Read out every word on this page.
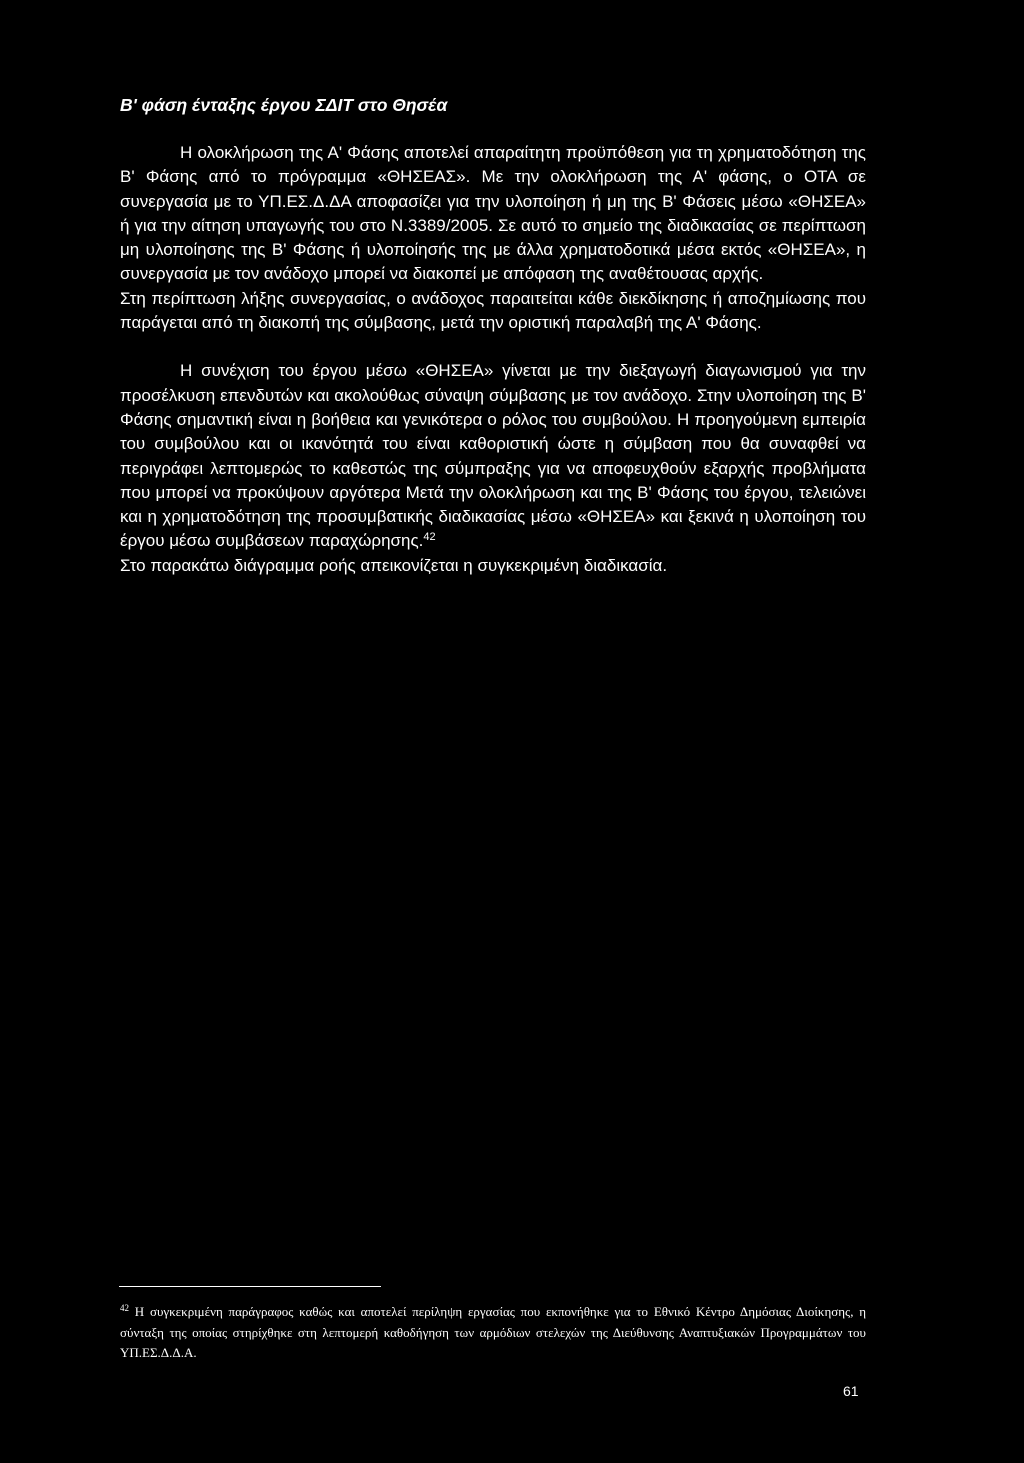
Β' φάση ένταξης έργου ΣΔΙΤ στο Θησέα

Η ολοκλήρωση της Α' Φάσης αποτελεί απαραίτητη προϋπόθεση για τη χρηματοδότηση της Β' Φάσης από το πρόγραμμα «ΘΗΣΕΑΣ». Με την ολοκλήρωση της Α' φάσης, ο ΟΤΑ σε συνεργασία με το ΥΠ.ΕΣ.Δ.ΔΑ αποφασίζει για την υλοποίηση ή μη της Β' Φάσεις μέσω «ΘΗΣΕΑ» ή για την αίτηση υπαγωγής του στο Ν.3389/2005. Σε αυτό το σημείο της διαδικασίας σε περίπτωση μη υλοποίησης της Β' Φάσης ή υλοποίησής της με άλλα χρηματοδοτικά μέσα εκτός «ΘΗΣΕΑ», η συνεργασία με τον ανάδοχο μπορεί να διακοπεί με απόφαση της αναθέτουσας αρχής.

Στη περίπτωση λήξης συνεργασίας, ο ανάδοχος παραιτείται κάθε διεκδίκησης ή αποζημίωσης που παράγεται από τη διακοπή της σύμβασης, μετά την οριστική παραλαβή της Α' Φάσης.

Η συνέχιση του έργου μέσω «ΘΗΣΕΑ» γίνεται με την διεξαγωγή διαγωνισμού για την προσέλκυση επενδυτών και ακολούθως σύναψη σύμβασης με τον ανάδοχο. Στην υλοποίηση της Β' Φάσης σημαντική είναι η βοήθεια και γενικότερα ο ρόλος του συμβούλου. Η προηγούμενη εμπειρία του συμβούλου και οι ικανότητά του είναι καθοριστική ώστε η σύμβαση που θα συναφθεί να περιγράφει λεπτομερώς το καθεστώς της σύμπραξης για να αποφευχθούν εξαρχής προβλήματα που μπορεί να προκύψουν αργότερα Μετά την ολοκλήρωση και της Β' Φάσης του έργου, τελειώνει και η χρηματοδότηση της προσυμβατικής διαδικασίας μέσω «ΘΗΣΕΑ» και ξεκινά η υλοποίηση του έργου μέσω συμβάσεων παραχώρησης.$^{42}$

Στο παρακάτω διάγραμμα ροής απεικονίζεται η συγκεκριμένη διαδικασία.

$^{42}$ Η συγκεκριμένη παράγραφος καθώς και αποτελεί περίληψη εργασίας που εκπονήθηκε για το Εθνικό Κέντρο Δημόσιας Διοίκησης, η σύνταξη της οποίας στηρίχθηκε στη λεπτομερή καθοδήγηση των αρμόδιων στελεχών της Διεύθυνσης Αναπτυξιακών Προγραμμάτων του ΥΠ.ΕΣ.Δ.Δ.Α.
61
